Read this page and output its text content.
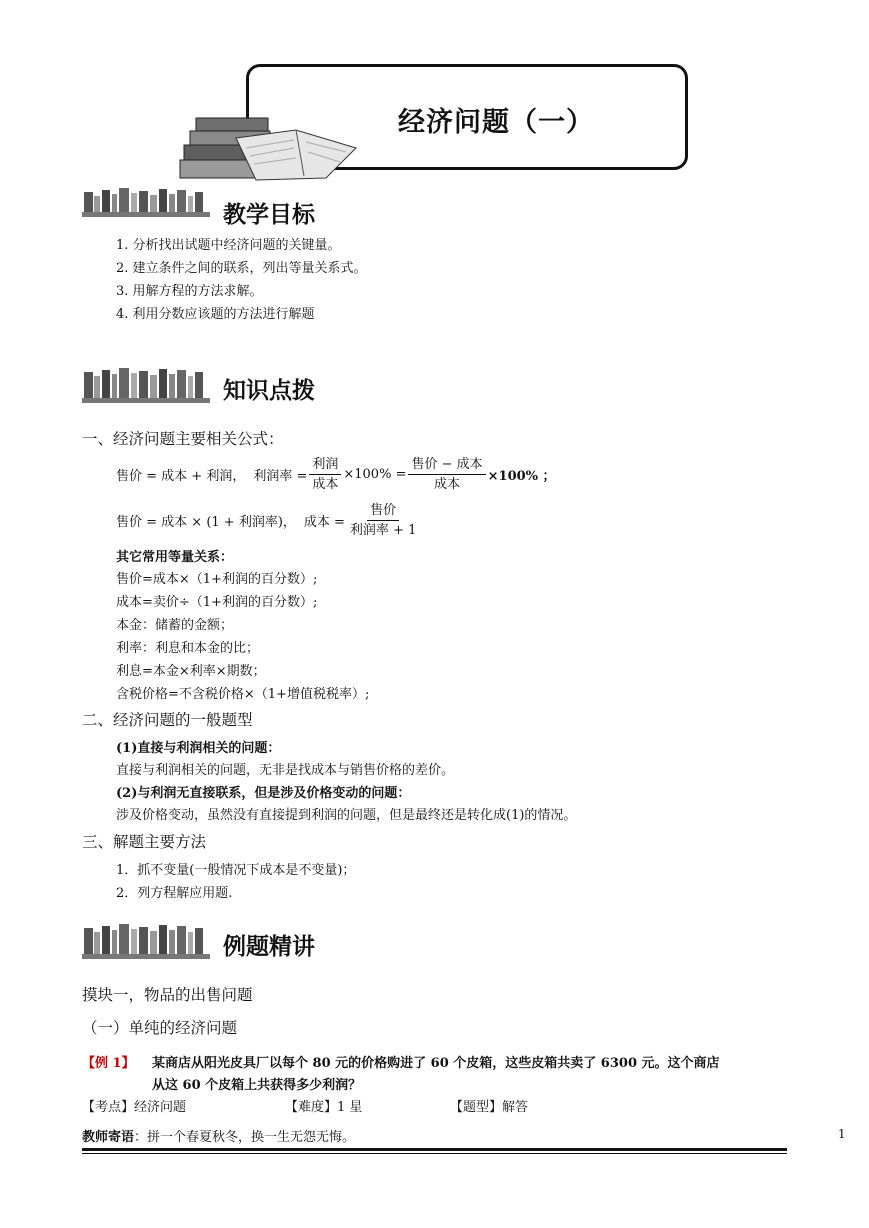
经济问题（一）
教学目标
1. 分析找出试题中经济问题的关键量。
2. 建立条件之间的联系，列出等量关系式。
3. 用解方程的方法求解。
4. 利用分数应该题的方法进行解题
知识点拨
一、经济问题主要相关公式：
售价 = 成本 + 利润， 利润率 = $\frac{\text{利润}}{\text{成本}} \times 100\% = \frac{\text{售价 − 成本}}{\text{成本}} \times 100\%$ ；
售价 = 成本 × (1 + 利润率)， 成本 = $\frac{\text{售价}}{\text{利润率 + 1}}$
其它常用等量关系：
售价=成本×（1+利润的百分数）;
成本=卖价÷（1+利润的百分数）;
本金：储蓄的金额；
利率：利息和本金的比；
利息=本金×利率×期数；
含税价格=不含税价格×（1+增值税税率）;
二、经济问题的一般题型
(1)直接与利润相关的问题：
直接与利润相关的问题，无非是找成本与销售价格的差价。
(2)与利润无直接联系，但是涉及价格变动的问题：
涉及价格变动，虽然没有直接提到利润的问题，但是最终还是转化成(1)的情况。
三、解题主要方法
1．抓不变量(一般情况下成本是不变量)；
2．列方程解应用题.
例题精讲
摸块一，物品的出售问题
（一）单纯的经济问题
【例 1】 某商店从阳光皮具厂以每个 80 元的价格购进了 60 个皮箱，这些皮箱共卖了 6300 元。这个商店
从这 60 个皮箱上共获得多少利润？
【考点】经济问题	【难度】1 星	【题型】解答
教师寄语：拼一个春夏秋冬，换一生无怨无悔。	1
